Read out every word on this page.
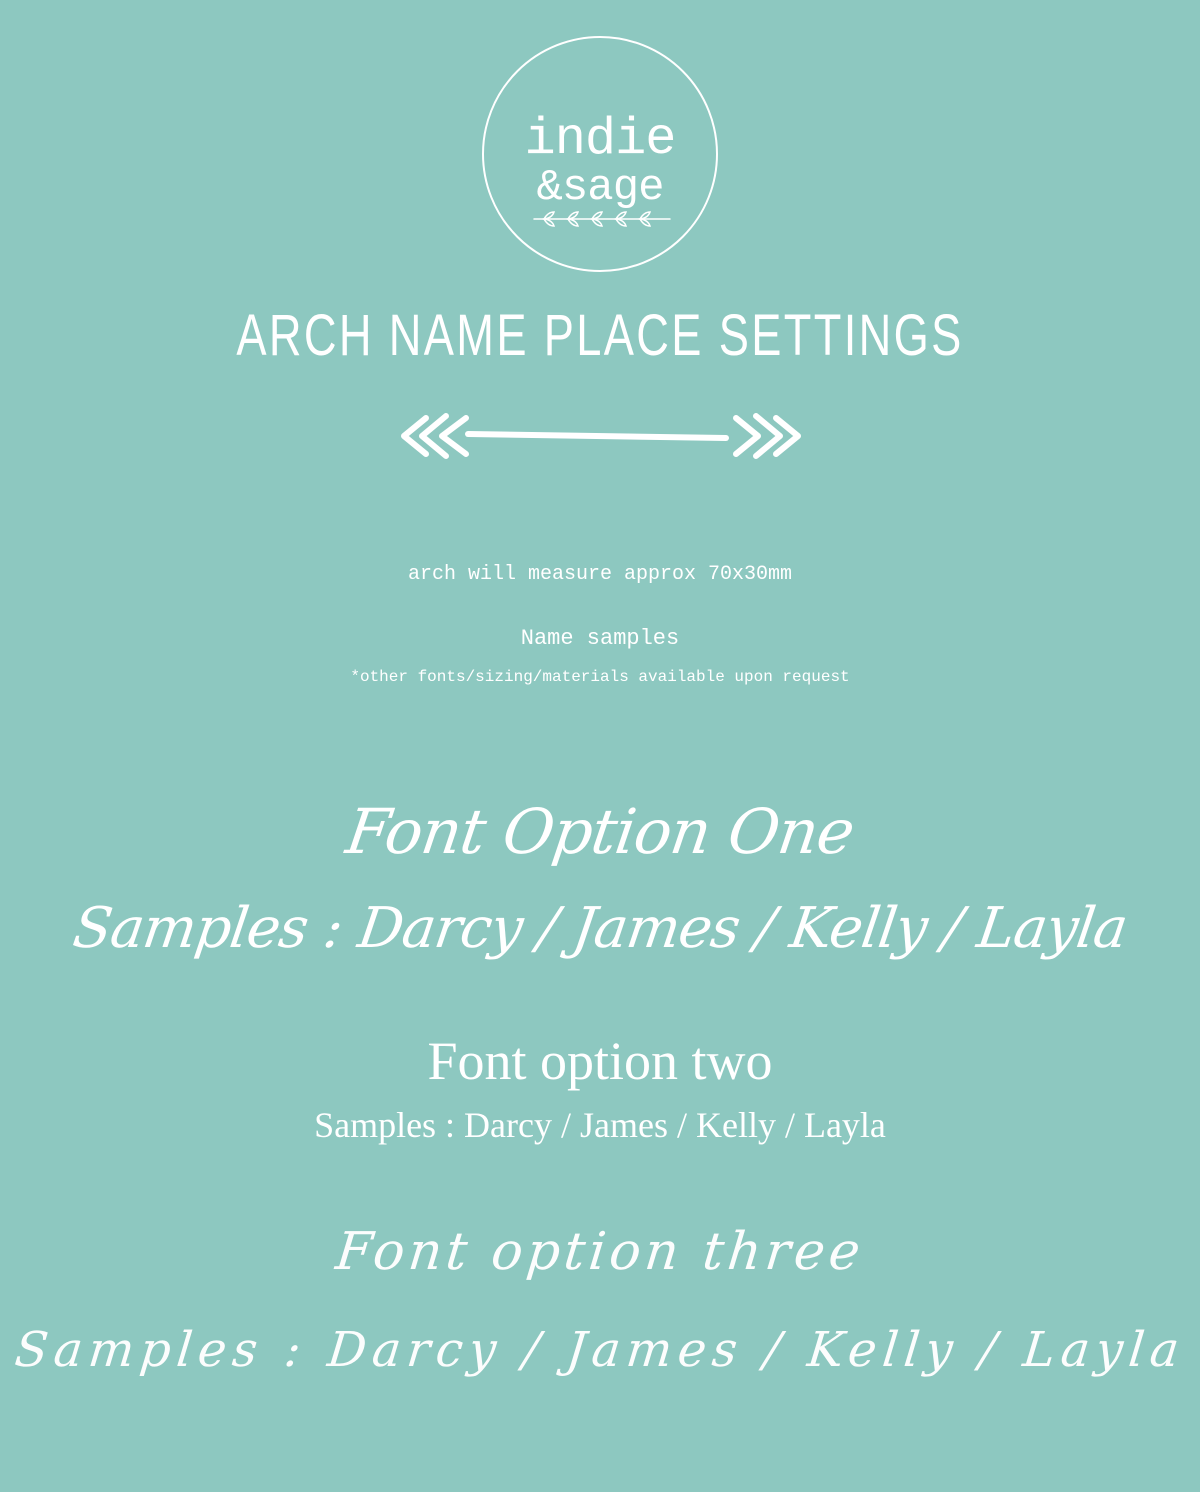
indie
&sage
ARCH NAME PLACE SETTINGS
arch will measure approx 70x30mm
Name samples
*other fonts/sizing/materials available upon request
Font Option One
Samples : Darcy / James / Kelly / Layla
Font option two
Samples : Darcy / James / Kelly / Layla
Font option three
Samples : Darcy / James / Kelly / Layla
